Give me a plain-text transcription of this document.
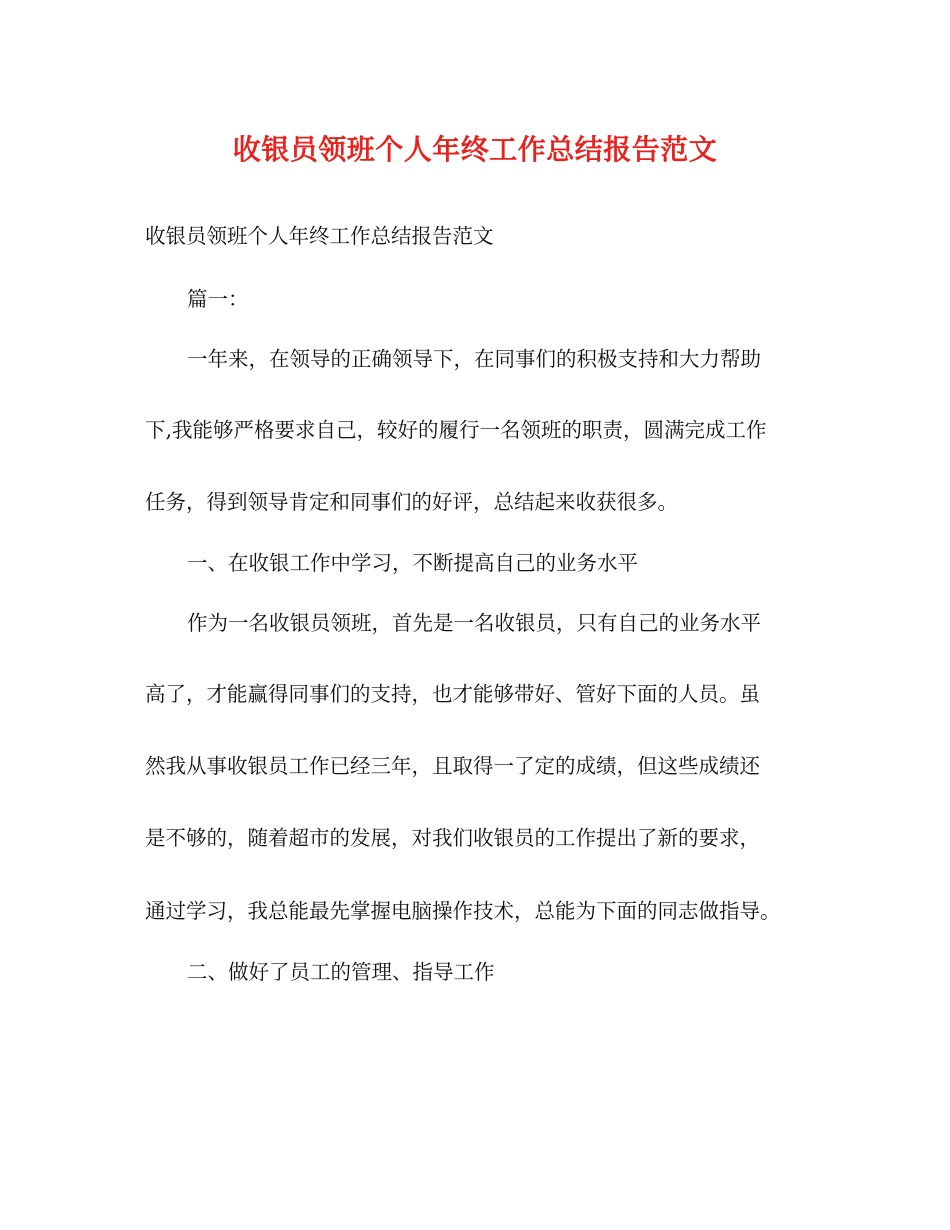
收银员领班个人年终工作总结报告范文
收银员领班个人年终工作总结报告范文
篇一：
一年来，在领导的正确领导下，在同事们的积极支持和大力帮助
下,我能够严格要求自己，较好的履行一名领班的职责，圆满完成工作
任务，得到领导肯定和同事们的好评，总结起来收获很多。
一、在收银工作中学习，不断提高自己的业务水平
作为一名收银员领班，首先是一名收银员，只有自己的业务水平
高了，才能赢得同事们的支持，也才能够带好、管好下面的人员。虽
然我从事收银员工作已经三年，且取得一了定的成绩，但这些成绩还
是不够的，随着超市的发展，对我们收银员的工作提出了新的要求，
通过学习，我总能最先掌握电脑操作技术，总能为下面的同志做指导。
二、做好了员工的管理、指导工作
